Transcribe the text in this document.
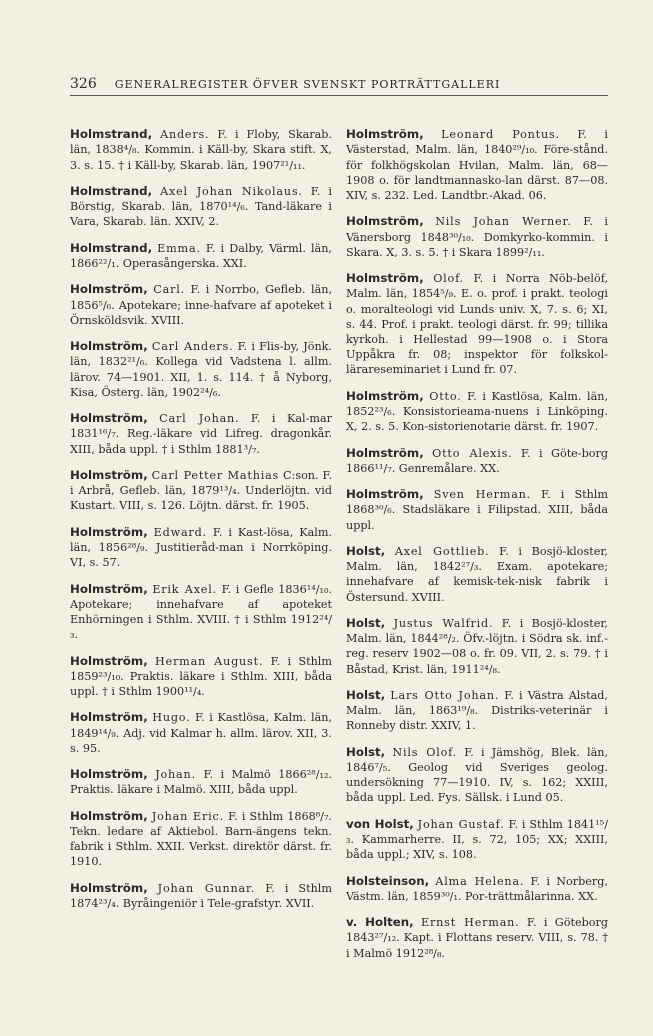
326 GENERALREGISTER ÖFVER SVENSKT PORTRÄTTGALLERI

Holmstrand, Anders. F. i Floby, Skarab. län, 1838⁴/₈. Kommin. i Käll-by, Skara stift. X, 3. s. 15. † i Käll-by, Skarab. län, 1907²¹/₁₁.

Holmstrand, Axel Johan Nikolaus. F. i Börstig, Skarab. län, 1870¹⁴/₆. Tand-läkare i Vara, Skarab. län. XXIV, 2.

Holmstrand, Emma. F. i Dalby, Värml. län, 1866²²/₁. Operasångerska. XXI.

Holmström, Carl. F. i Norrbo, Gefleb. län, 1856⁵/₆. Apotekare; inne-hafvare af apoteket i Örnsköldsvik. XVIII.

Holmström, Carl Anders. F. i Flis-by, Jönk. län, 1832²¹/₆. Kollega vid Vadstena l. allm. lärov. 74—1901. XII, 1. s. 114. † å Nyborg, Kisa, Österg. län, 1902²⁴/₆.

Holmström, Carl Johan. F. i Kal-mar 1831¹⁶/₇. Reg.-läkare vid Lifreg. dragonkår. XIII, båda uppl. † i Sthlm 1881³/₇.

Holmström, Carl Petter Mathias C:son. F. i Arbrå, Gefleb. län, 1879¹³/₄. Underlöjtn. vid Kustart. VIII, s. 126. Löjtn. därst. fr. 1905.

Holmström, Edward. F. i Kast-lösa, Kalm. län, 1856²⁸/₉. Justitieråd-man i Norrköping. VI, s. 57.

Holmström, Erik Axel. F. i Gefle 1836¹⁴/₁₀. Apotekare; innehafvare af apoteket Enhörningen i Sthlm. XVIII. † i Sthlm 1912²⁴/₃.

Holmström, Herman August. F. i Sthlm 1859²³/₁₀. Praktis. läkare i Sthlm. XIII, båda uppl. † i Sthlm 1900¹¹/₄.

Holmström, Hugo. F. i Kastlösa, Kalm. län, 1849¹⁴/₉. Adj. vid Kalmar h. allm. lärov. XII, 3. s. 95.

Holmström, Johan. F. i Malmö 1866²⁸/₁₂. Praktis. läkare i Malmö. XIII, båda uppl.

Holmström, Johan Eric. F. i Sthlm 1868⁸/₇. Tekn. ledare af Aktiebol. Barn-ängens tekn. fabrik i Sthlm. XXII. Verkst. direktör därst. fr. 1910.

Holmström, Johan Gunnar. F. i Sthlm 1874²³/₄. Byråingeniör i Tele-grafstyr. XVII.

Holmström, Leonard Pontus. F. i Västerstad, Malm. län, 1840²⁹/₁₀. Före-stånd. för folkhögskolan Hvilan, Malm. län, 68—1908 o. för landtmannasko-lan därst. 87—08. XIV, s. 232. Led. Landtbr.-Akad. 06.

Holmström, Nils Johan Werner. F. i Vänersborg 1848³⁰/₁₀. Domkyrko-kommin. i Skara. X, 3. s. 5. † i Skara 1899²/₁₁.

Holmström, Olof. F. i Norra Nöb-belöf, Malm. län, 1854⁵/₉. E. o. prof. i prakt. teologi o. moralteologi vid Lunds univ. X, 7. s. 6; XI, s. 44. Prof. i prakt. teologi därst. fr. 99; tillika kyrkoh. i Hellestad 99—1908 o. i Stora Uppåkra fr. 08; inspektor för folkskol-lärareseminariet i Lund fr. 07.

Holmström, Otto. F. i Kastlösa, Kalm. län, 1852²³/₆. Konsistorieama-nuens i Linköping. X, 2. s. 5. Kon-sistorienotarie därst. fr. 1907.

Holmström, Otto Alexis. F. i Göte-borg 1866¹¹/₇. Genremålare. XX.

Holmström, Sven Herman. F. i Sthlm 1868³⁰/₆. Stadsläkare i Filipstad. XIII, båda uppl.

Holst, Axel Gottlieb. F. i Bosjö-kloster, Malm. län, 1842²⁷/₃. Exam. apotekare; innehafvare af kemisk-tek-nisk fabrik i Östersund. XVIII.

Holst, Justus Walfrid. F. i Bosjö-kloster, Malm. län, 1844²⁸/₂. Öfv.-löjtn. i Södra sk. inf.-reg. reserv 1902—08 o. fr. 09. VII, 2. s. 79. † i Båstad, Krist. län, 1911²⁴/₈.

Holst, Lars Otto Johan. F. i Västra Alstad, Malm. län, 1863¹⁹/₈. Distriks-veterinär i Ronneby distr. XXIV, 1.

Holst, Nils Olof. F. i Jämshög, Blek. län, 1846⁷/₅. Geolog vid Sveriges geolog. undersökning 77—1910. IV, s. 162; XXIII, båda uppl. Led. Fys. Sällsk. i Lund 05.

von Holst, Johan Gustaf. F. i Sthlm 1841¹⁵/₃. Kammarherre. II, s. 72, 105; XX; XXIII, båda uppl.; XIV, s. 108.

Holsteinson, Alma Helena. F. i Norberg, Västm. län, 1859³⁰/₁. Por-trättmålarinna. XX.

v. Holten, Ernst Herman. F. i Göteborg 1843²⁷/₁₂. Kapt. i Flottans reserv. VIII, s. 78. † i Malmö 1912²⁸/₈.
